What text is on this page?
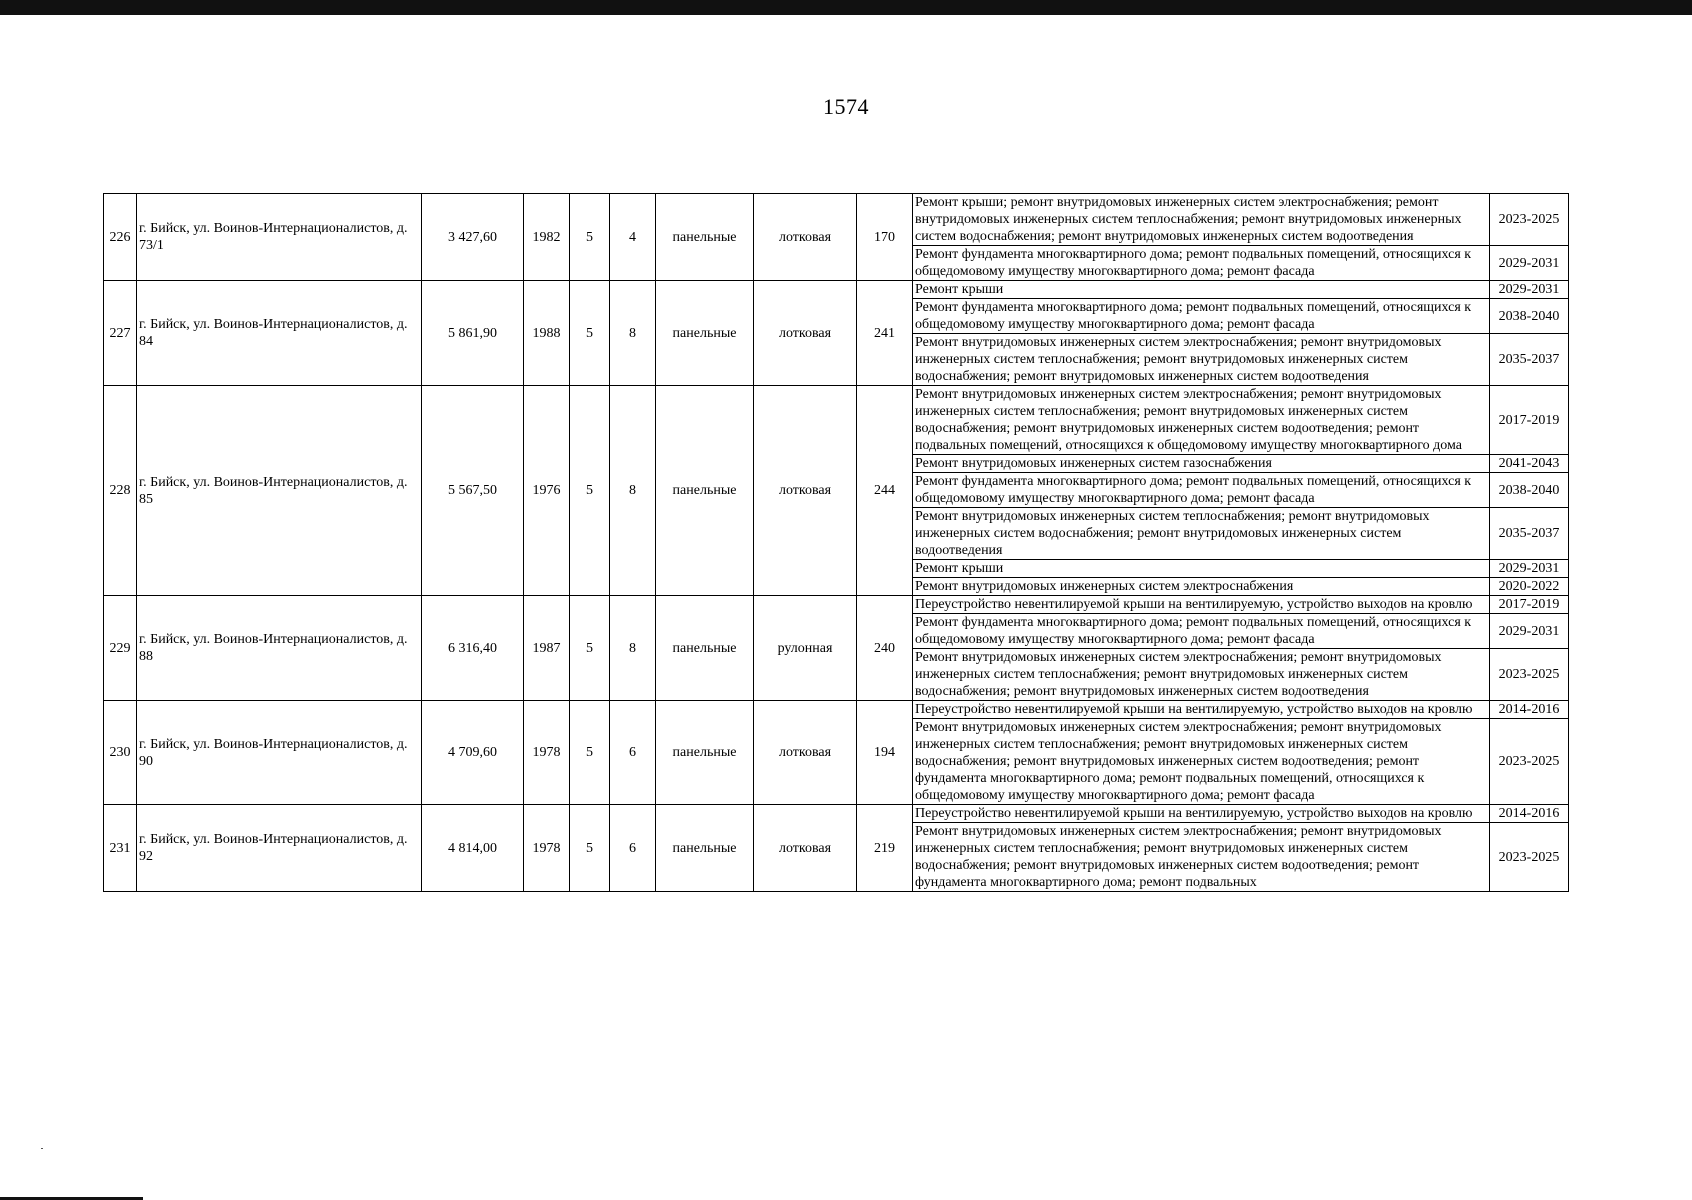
1574
226	г. Бийск, ул. Воинов-Интернационалистов, д. 73/1	3 427,60	1982	5	4	панельные	лотковая	170	Ремонт крыши; ремонт внутридомовых инженерных систем электроснабжения; ремонт внутридомовых инженерных систем теплоснабжения; ремонт внутридомовых инженерных систем водоснабжения; ремонт внутридомовых инженерных систем водоотведения	2023-2025
									Ремонт фундамента многоквартирного дома; ремонт подвальных помещений, относящихся к общедомовому имуществу многоквартирного дома; ремонт фасада	2029-2031
227	г. Бийск, ул. Воинов-Интернационалистов, д. 84	5 861,90	1988	5	8	панельные	лотковая	241	Ремонт крыши	2029-2031
									Ремонт фундамента многоквартирного дома; ремонт подвальных помещений, относящихся к общедомовому имуществу многоквартирного дома; ремонт фасада	2038-2040
									Ремонт внутридомовых инженерных систем электроснабжения; ремонт внутридомовых инженерных систем теплоснабжения; ремонт внутридомовых инженерных систем водоснабжения; ремонт внутридомовых инженерных систем водоотведения	2035-2037
228	г. Бийск, ул. Воинов-Интернационалистов, д. 85	5 567,50	1976	5	8	панельные	лотковая	244	Ремонт внутридомовых инженерных систем электроснабжения; ремонт внутридомовых инженерных систем теплоснабжения; ремонт внутридомовых инженерных систем водоснабжения; ремонт внутридомовых инженерных систем водоотведения; ремонт подвальных помещений, относящихся к общедомовому имуществу многоквартирного дома	2017-2019
									Ремонт внутридомовых инженерных систем газоснабжения	2041-2043
									Ремонт фундамента многоквартирного дома; ремонт подвальных помещений, относящихся к общедомовому имуществу многоквартирного дома; ремонт фасада	2038-2040
									Ремонт внутридомовых инженерных систем теплоснабжения; ремонт внутридомовых инженерных систем водоснабжения; ремонт внутридомовых инженерных систем водоотведения	2035-2037
									Ремонт крыши	2029-2031
									Ремонт внутридомовых инженерных систем электроснабжения	2020-2022
229	г. Бийск, ул. Воинов-Интернационалистов, д. 88	6 316,40	1987	5	8	панельные	рулонная	240	Переустройство невентилируемой крыши на вентилируемую, устройство выходов на кровлю	2017-2019
									Ремонт фундамента многоквартирного дома; ремонт подвальных помещений, относящихся к общедомовому имуществу многоквартирного дома; ремонт фасада	2029-2031
									Ремонт внутридомовых инженерных систем электроснабжения; ремонт внутридомовых инженерных систем теплоснабжения; ремонт внутридомовых инженерных систем водоснабжения; ремонт внутридомовых инженерных систем водоотведения	2023-2025
230	г. Бийск, ул. Воинов-Интернационалистов, д. 90	4 709,60	1978	5	6	панельные	лотковая	194	Переустройство невентилируемой крыши на вентилируемую, устройство выходов на кровлю	2014-2016
									Ремонт внутридомовых инженерных систем электроснабжения; ремонт внутридомовых инженерных систем теплоснабжения; ремонт внутридомовых инженерных систем водоснабжения; ремонт внутридомовых инженерных систем водоотведения; ремонт фундамента многоквартирного дома; ремонт подвальных помещений, относящихся к общедомовому имуществу многоквартирного дома; ремонт фасада	2023-2025
231	г. Бийск, ул. Воинов-Интернационалистов, д. 92	4 814,00	1978	5	6	панельные	лотковая	219	Переустройство невентилируемой крыши на вентилируемую, устройство выходов на кровлю	2014-2016
									Ремонт внутридомовых инженерных систем электроснабжения; ремонт внутридомовых инженерных систем теплоснабжения; ремонт внутридомовых инженерных систем водоснабжения; ремонт внутридомовых инженерных систем водоотведения; ремонт фундамента многоквартирного дома; ремонт подвальных	2023-2025
